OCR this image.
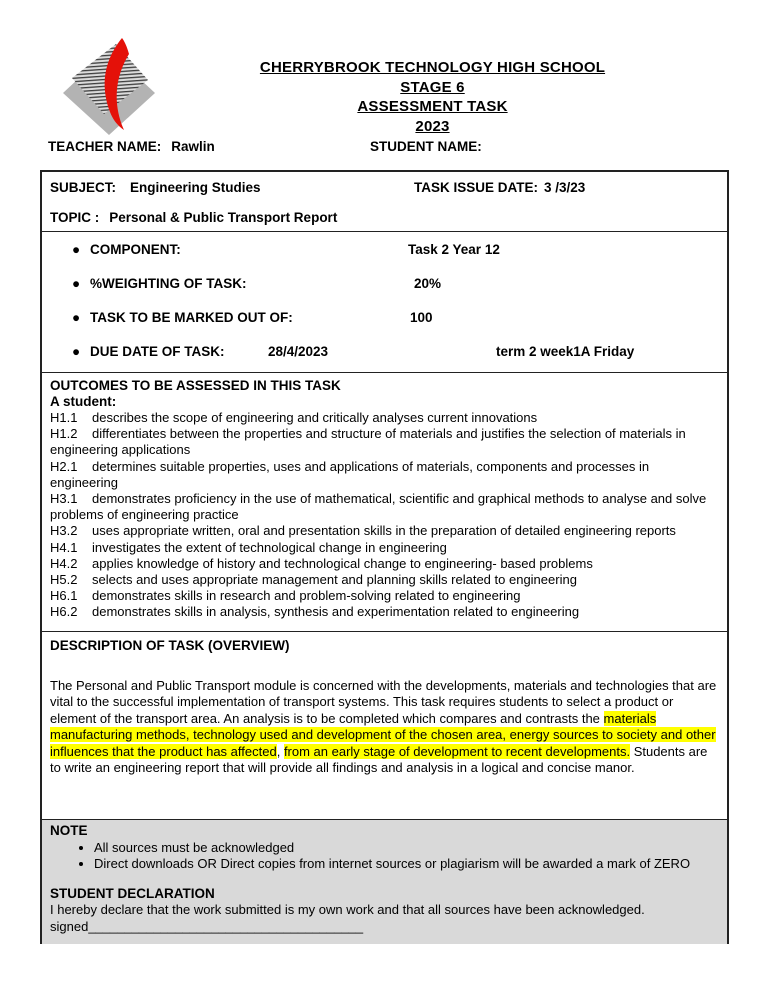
CHERRYBROOK TECHNOLOGY HIGH SCHOOL
STAGE 6
ASSESSMENT TASK
2023
TEACHER NAME: Rawlin	STUDENT NAME:
SUBJECT: Engineering Studies	TASK ISSUE DATE: 3 /3/23
TOPIC : Personal & Public Transport Report
● COMPONENT:	Task 2 Year 12
● %WEIGHTING OF TASK:	20%
● TASK TO BE MARKED OUT OF:	100
● DUE DATE OF TASK:	28/4/2023	term 2 week1A Friday

OUTCOMES TO BE ASSESSED IN THIS TASK

A student:

H1.1 describes the scope of engineering and critically analyses current innovations

H1.2 differentiates between the properties and structure of materials and justifies the selection of materials in engineering applications

H2.1 determines suitable properties, uses and applications of materials, components and processes in engineering

H3.1 demonstrates proficiency in the use of mathematical, scientific and graphical methods to analyse and solve problems of engineering practice

H3.2 uses appropriate written, oral and presentation skills in the preparation of detailed engineering reports

H4.1 investigates the extent of technological change in engineering

H4.2 applies knowledge of history and technological change to engineering- based problems

H5.2 selects and uses appropriate management and planning skills related to engineering

H6.1 demonstrates skills in research and problem-solving related to engineering

H6.2 demonstrates skills in analysis, synthesis and experimentation related to engineering

DESCRIPTION OF TASK (OVERVIEW)

The Personal and Public Transport module is concerned with the developments, materials and technologies that are vital to the successful implementation of transport systems. This task requires students to select a product or element of the transport area. An analysis is to be completed which compares and contrasts the materials manufacturing methods, technology used and development of the chosen area, energy sources to society and other influences that the product has affected, from an early stage of development to recent developments. Students are to write an engineering report that will provide all findings and analysis in a logical and concise manor.

NOTE

• All sources must be acknowledged
• Direct downloads OR Direct copies from internet sources or plagiarism will be awarded a mark of ZERO

STUDENT DECLARATION

I hereby declare that the work submitted is my own work and that all sources have been acknowledged.

signed______________________________________
